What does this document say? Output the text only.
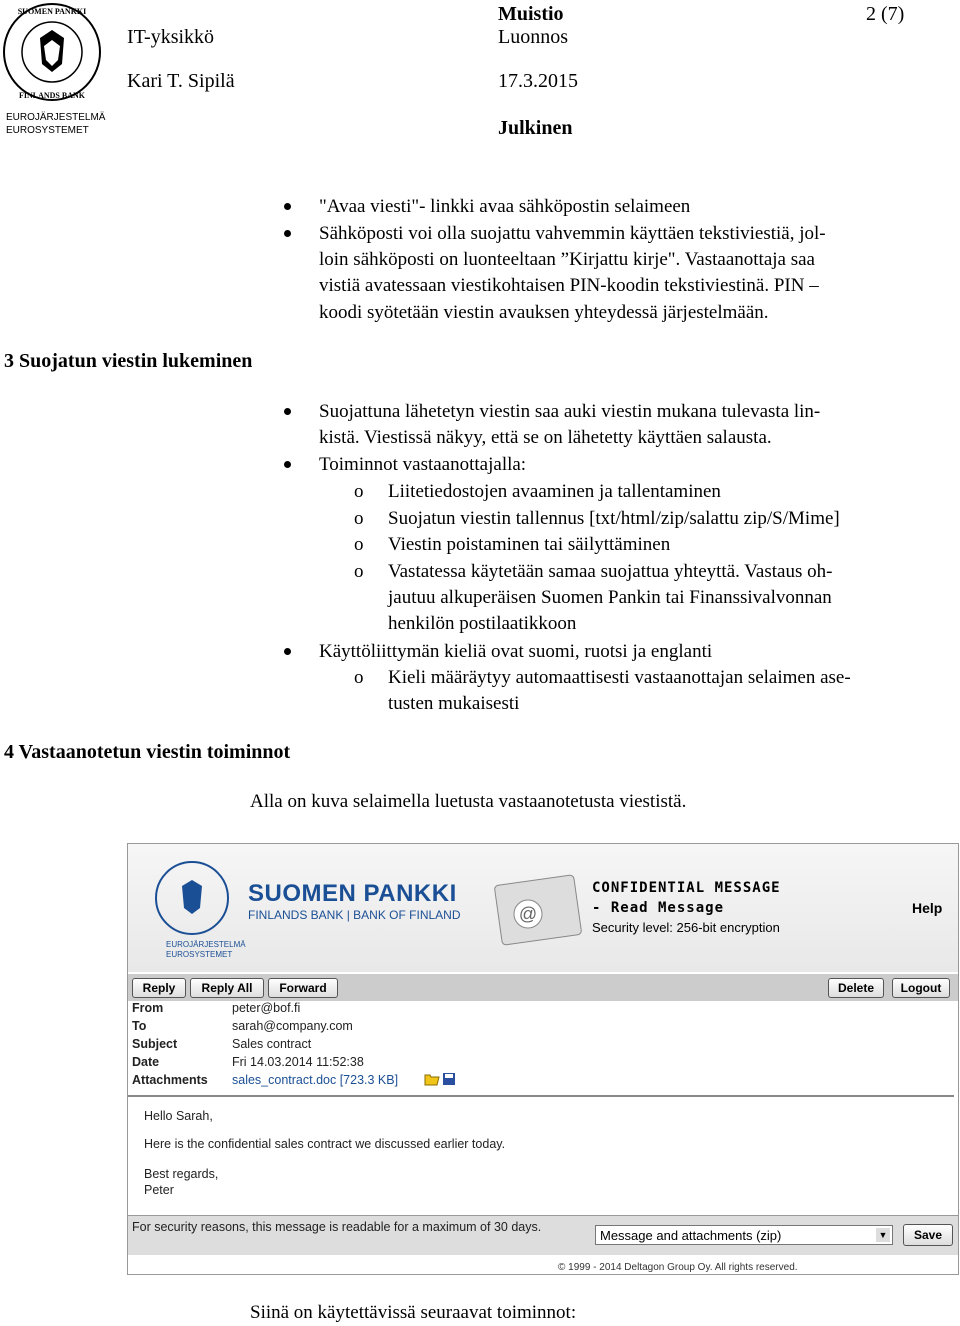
SUOMEN PANKKI
FINLANDS BANK
EUROJÄRJESTELMÄ
EUROSYSTEMET
IT-yksikkö
Kari T. Sipilä
Muistio
Luonnos
17.3.2015
Julkinen
2 (7)
"Avaa viesti"- linkki avaa sähköpostin selaimeen
Sähköposti voi olla suojattu vahvemmin käyttäen tekstiviestiä, jol-
loin sähköposti on luonteeltaan ”Kirjattu kirje". Vastaanottaja saa
vistiä avatessaan viestikohtaisen PIN-koodin tekstiviestinä. PIN –
koodi syötetään viestin avauksen yhteydessä järjestelmään.
3 Suojatun viestin lukeminen
Suojattuna lähetetyn viestin saa auki viestin mukana tulevasta lin-
kistä. Viestissä näkyy, että se on lähetetty käyttäen salausta.
Toiminnot vastaanottajalla:
o Liitetiedostojen avaaminen ja tallentaminen
o Suojatun viestin tallennus [txt/html/zip/salattu zip/S/Mime]
o Viestin poistaminen tai säilyttäminen
o Vastatessa käytetään samaa suojattua yhteyttä. Vastaus oh-
jautuu alkuperäisen Suomen Pankin tai Finanssivalvonnan
henkilön postilaatikkoon
Käyttöliittymän kieliä ovat suomi, ruotsi ja englanti
o Kieli määräytyy automaattisesti vastaanottajan selaimen ase-
tusten mukaisesti
4 Vastaanotetun viestin toiminnot
Alla on kuva selaimella luetusta vastaanotetusta viestistä.
EUROJÄRJESTELMÄ
EUROSYSTEMET
SUOMEN PANKKI
FINLANDS BANK | BANK OF FINLAND	@
CONFIDENTIAL MESSAGE
- Read Message
Security level: 256-bit encryption
Help
Reply	Reply All	Forward	Delete	Logout
From	peter@bof.fi
To	sarah@company.com
Subject	Sales contract
Date	Fri 14.03.2014 11:52:38
Attachments sales_contract.doc [723.3 KB]
Hello Sarah,
Here is the confidential sales contract we discussed earlier today.
Best regards,
Peter
For security reasons, this message is readable for a maximum of 30 days.
Message and attachments (zip)	▼	Save
© 1999 - 2014 Deltagon Group Oy. All rights reserved.
Siinä on käytettävissä seuraavat toiminnot:
